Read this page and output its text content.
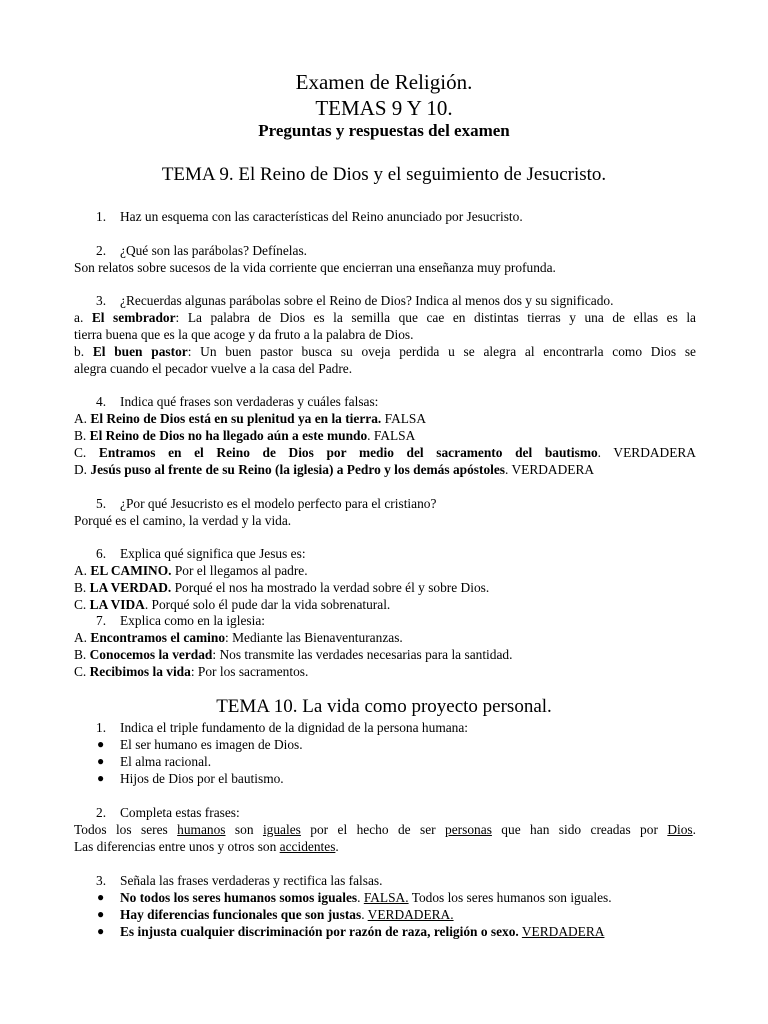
Examen de Religión.
TEMAS 9 Y 10.
Preguntas y respuestas del examen
TEMA 9. El Reino de Dios y el seguimiento de Jesucristo.
1. Haz un esquema con las características del Reino anunciado por Jesucristo.
2. ¿Qué son las parábolas? Defínelas.
Son relatos sobre sucesos de la vida corriente que encierran una enseñanza muy profunda.
3. ¿Recuerdas algunas parábolas sobre el Reino de Dios? Indica al menos dos y su significado.
a. El sembrador: La palabra de Dios es la semilla que cae en distintas tierras y una de ellas es la
tierra buena que es la que acoge y da fruto a la palabra de Dios.
b. El buen pastor: Un buen pastor busca su oveja perdida u se alegra al encontrarla como Dios se
alegra cuando el pecador vuelve a la casa del Padre.
4. Indica qué frases son verdaderas y cuáles falsas:
A. El Reino de Dios está en su plenitud ya en la tierra. FALSA
B. El Reino de Dios no ha llegado aún a este mundo. FALSA
C. Entramos en el Reino de Dios por medio del sacramento del bautismo. VERDADERA
D. Jesús puso al frente de su Reino (la iglesia) a Pedro y los demás apóstoles. VERDADERA
5. ¿Por qué Jesucristo es el modelo perfecto para el cristiano?
Porqué es el camino, la verdad y la vida.
6. Explica qué significa que Jesus es:
A. EL CAMINO. Por el llegamos al padre.
B. LA VERDAD. Porqué el nos ha mostrado la verdad sobre él y sobre Dios.
C. LA VIDA. Porqué solo él pude dar la vida sobrenatural.
7. Explica como en la iglesia:
A. Encontramos el camino: Mediante las Bienaventuranzas.
B. Conocemos la verdad: Nos transmite las verdades necesarias para la santidad.
C. Recibimos la vida: Por los sacramentos.
TEMA 10. La vida como proyecto personal.
1. Indica el triple fundamento de la dignidad de la persona humana:
● El ser humano es imagen de Dios.
● El alma racional.
● Hijos de Dios por el bautismo.
2. Completa estas frases:
Todos los seres humanos son iguales por el hecho de ser personas que han sido creadas por Dios.
Las diferencias entre unos y otros son accidentes.
3. Señala las frases verdaderas y rectifica las falsas.
● No todos los seres humanos somos iguales. FALSA. Todos los seres humanos son iguales.
● Hay diferencias funcionales que son justas. VERDADERA.
● Es injusta cualquier discriminación por razón de raza, religión o sexo. VERDADERA
